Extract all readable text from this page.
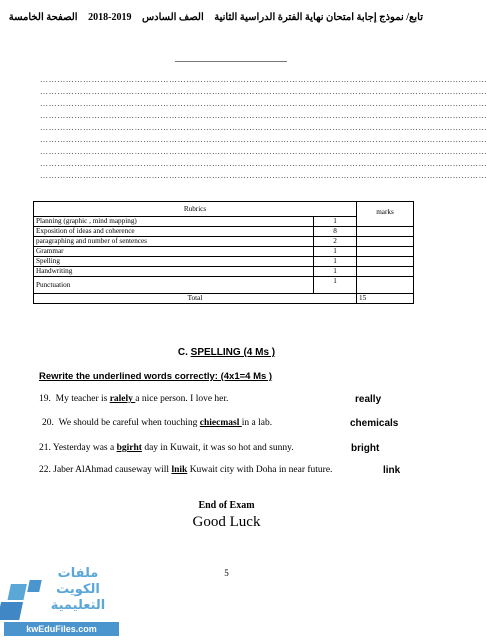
تابع/ نموذج إجابة امتحان نهاية الفترة الدراسية الثانية الصف السادس 2019-2018 الصفحة الخامسة
…………………………………………………………………………………………………………………………………………
…………………………………………………………………………………………………………………………………………
…………………………………………………………………………………………………………………………………………
…………………………………………………………………………………………………………………………………………
…………………………………………………………………………………………………………………………………………
…………………………………………………………………………………………………………………………………………
…………………………………………………………………………………………………………………………………………
…………………………………………………………………………………………………………………………………………
…………………………………………………………………………………………………………………………………………
Rubrics		marks
Planning (graphic , mind mapping)	1	
Exposition of ideas and coherence	8	
paragraphing and number of sentences	2	
Grammar	1	
Spelling	1	
Handwriting	1	
Punctuation	1	
Total		15
C. SPELLING (4 Ms )
Rewrite the underlined words correctly: (4x1=4 Ms )
19. My teacher is ralely a nice person. I love her.	really
20. We should be careful when touching chiecmasl in a lab.	chemicals
21. Yesterday was a bgirht day in Kuwait, it was so hot and sunny.	bright
22. Jaber AlAhmad causeway will lnik Kuwait city with Doha in near future.	link
End of Exam
Good Luck
5
ملفات الكويت
التعليمية
kwEduFiles.com
